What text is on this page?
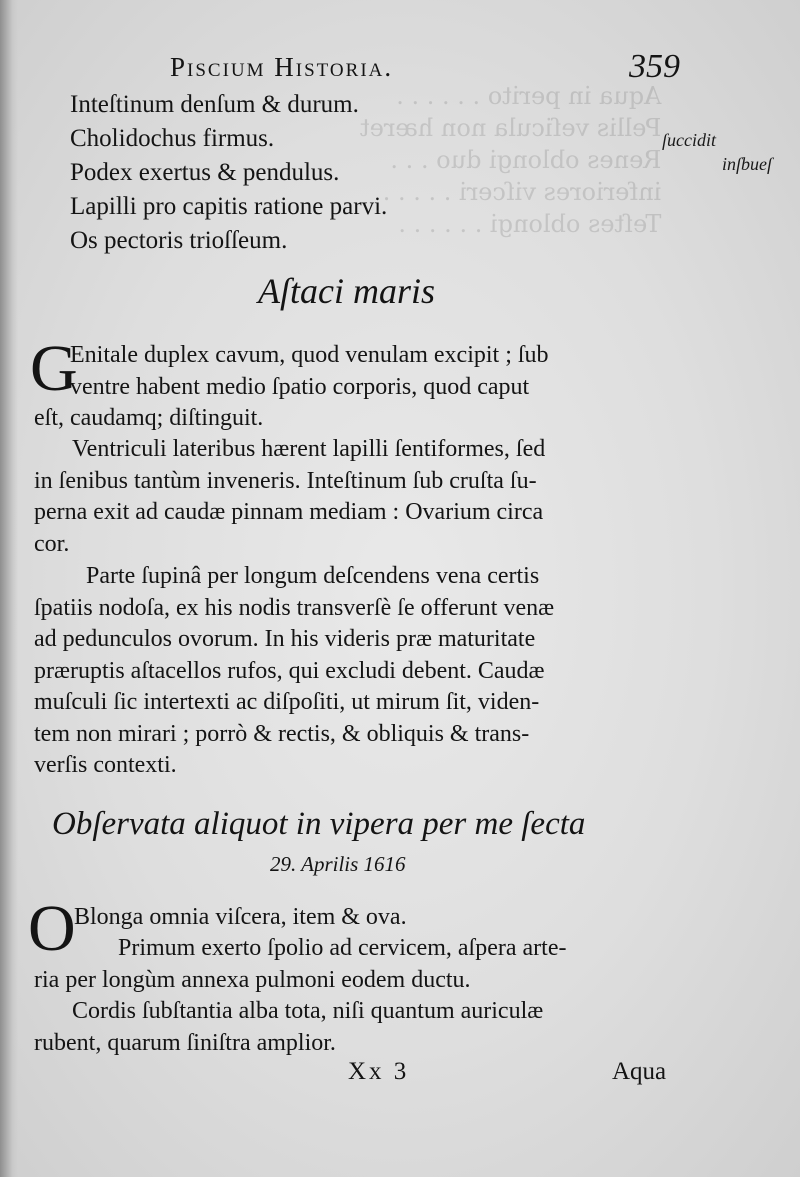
Aqua in perito . . . . . .
Pellis veſicula non hæret
Renes oblongi duo . . .
inferiores viſceri . . . . .
Teſtes oblongi . . . . . .
Piscium Historia.	359
Inteſtinum denſum & durum.
Cholidochus firmus.
Podex exertus & pendulus.
Lapilli pro capitis ratione parvi.
Os pectoris trioſſeum.
ſuccidit
inſbueſ
Aſtaci maris
G
Enitale duplex cavum, quod venulam excipit ; ſub
ventre habent medio ſpatio corporis, quod caput
eſt, caudamq; diſtinguit.
Ventriculi lateribus hærent lapilli ſentiformes, ſed
in ſenibus tantùm inveneris. Inteſtinum ſub cruſta ſu-
perna exit ad caudæ pinnam mediam : Ovarium circa
cor.
Parte ſupinâ per longum deſcendens vena certis
ſpatiis nodoſa, ex his nodis transverſè ſe offerunt venæ
ad pedunculos ovorum. In his videris præ maturitate
prӕruptis aſtacellos rufos, qui excludi debent. Caudæ
muſculi ſic intertexti ac diſpoſiti, ut mirum ſit, viden-
tem non mirari ; porrò & rectis, & obliquis & trans-
verſis contexti.
Obſervata aliquot in vipera per me ſecta
29. Aprilis 1616
O
Blonga omnia viſcera, item & ova.
Primum exerto ſpolio ad cervicem, aſpera arte-
ria per longùm annexa pulmoni eodem ductu.
Cordis ſubſtantia alba tota, niſi quantum auriculæ
rubent, quarum ſiniſtra amplior.
Xx 3	Aqua
